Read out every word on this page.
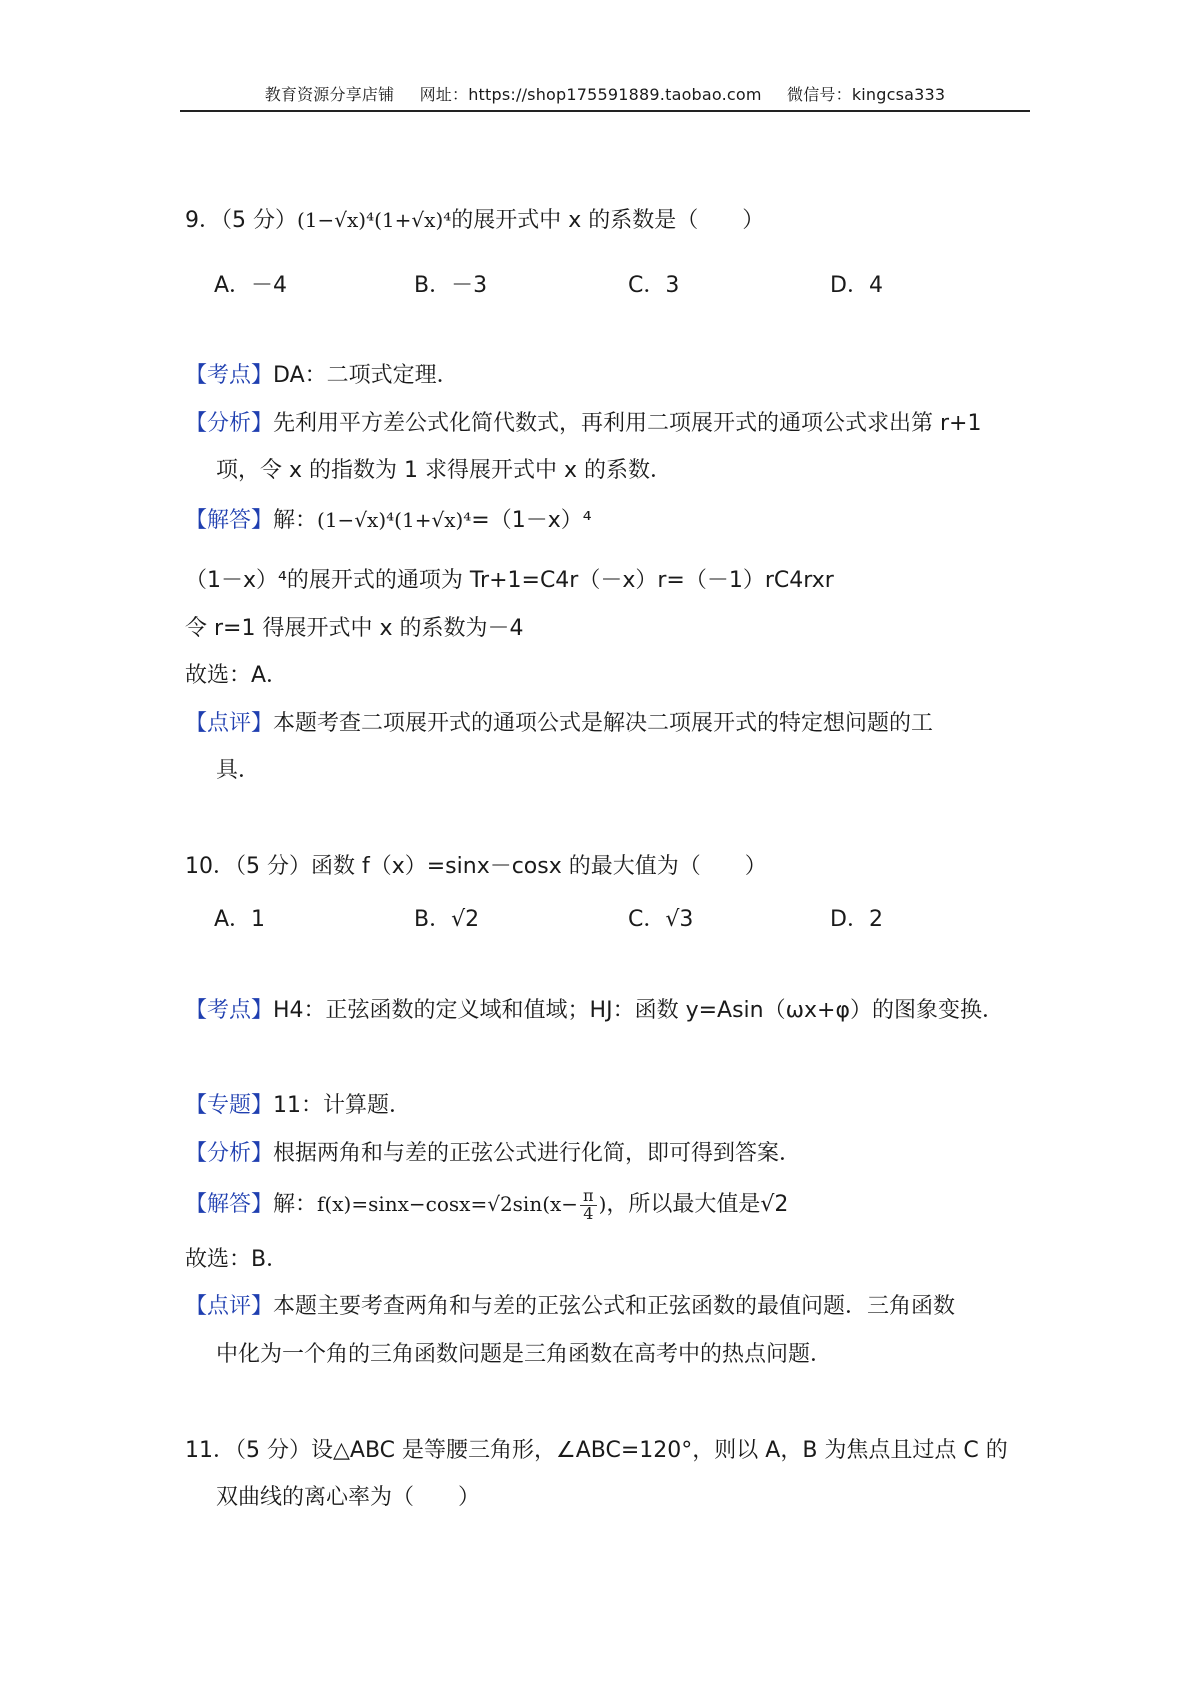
教育资源分享店铺 网址：https://shop175591889.taobao.com 微信号：kingcsa333
9．（5 分）(1−√x)⁴(1+√x)⁴的展开式中 x 的系数是（　　）
A．－4	B．－3	C．3	D．4
【考点】DA：二项式定理．
【分析】先利用平方差公式化简代数式，再利用二项展开式的通项公式求出第 r+1
项，令 x 的指数为 1 求得展开式中 x 的系数．
【解答】解：(1−√x)⁴(1+√x)⁴=（1－x）⁴
（1－x）⁴的展开式的通项为 Tr+1=C4r（－x）r=（－1）rC4rxr
令 r=1 得展开式中 x 的系数为－4
故选：A．
【点评】本题考查二项展开式的通项公式是解决二项展开式的特定想问题的工
具．
10．（5 分）函数 f（x）=sinx－cosx 的最大值为（　　）
A．1	B．√2	C．√3	D．2
【考点】H4：正弦函数的定义域和值域；HJ：函数 y=Asin（ωx+φ）的图象变换．
【专题】11：计算题．
【分析】根据两角和与差的正弦公式进行化简，即可得到答案．
【解答】解：$f(x)=\sin x-\cos x=√2\sin(x- \frac{\pi}{4}$ )，所以最大值是√2
故选：B．
【点评】本题主要考查两角和与差的正弦公式和正弦函数的最值问题．三角函数
中化为一个角的三角函数问题是三角函数在高考中的热点问题．
11．（5 分）设△ABC 是等腰三角形，∠ABC=120°，则以 A，B 为焦点且过点 C 的
双曲线的离心率为（　　）
